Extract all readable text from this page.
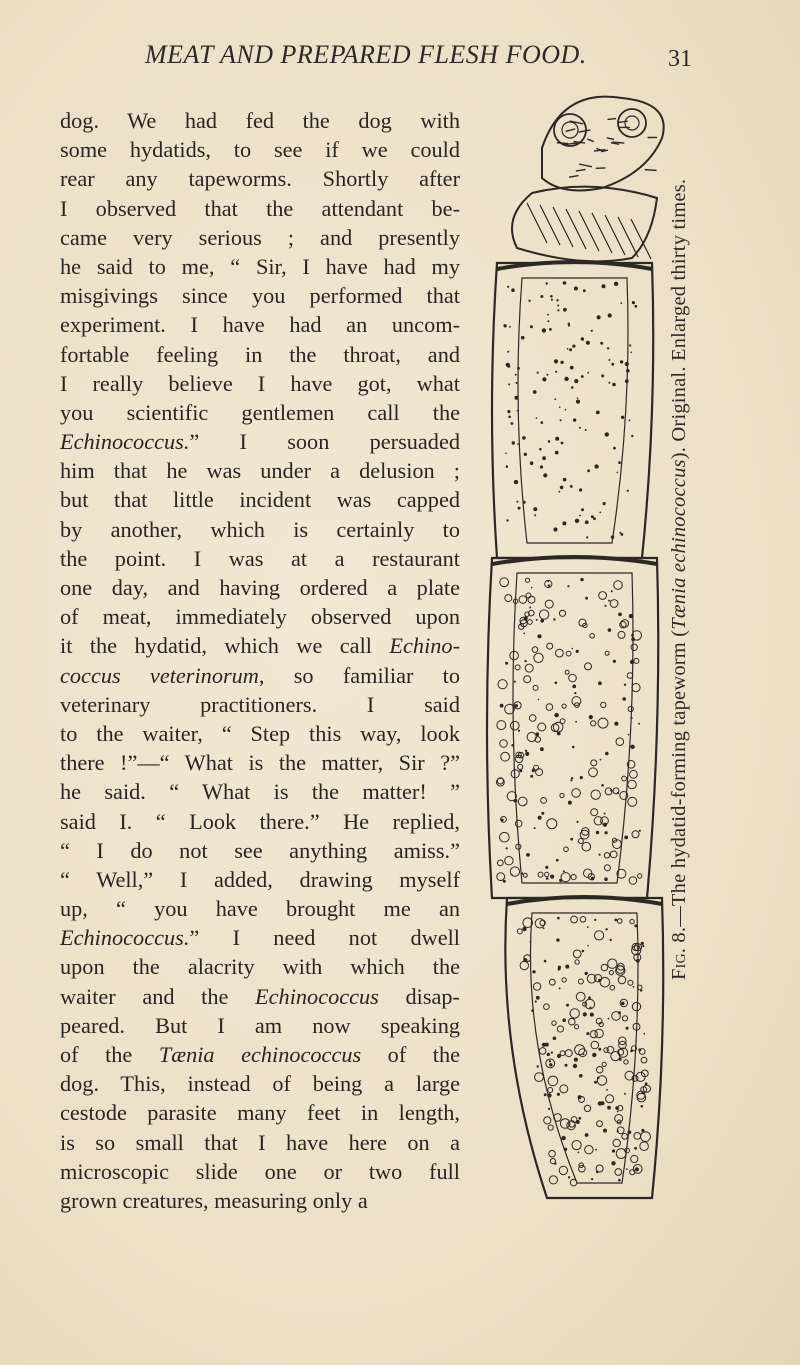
MEAT AND PREPARED FLESH FOOD.	31
dog. We had fed the dog with
some hydatids, to see if we could
rear any tapeworms. Shortly after
I observed that the attendant be-
came very serious ; and presently
he said to me, “ Sir, I have had my
misgivings since you performed that
experiment. I have had an uncom-
fortable feeling in the throat, and
I really believe I have got, what
you scientific gentlemen call the
Echinococcus.” I soon persuaded
him that he was under a delusion ;
but that little incident was capped
by another, which is certainly to
the point. I was at a restaurant
one day, and having ordered a plate
of meat, immediately observed upon
it the hydatid, which we call Echino-
coccus veterinorum, so familiar to
veterinary practitioners. I said
to the waiter, “ Step this way, look
there !”—“ What is the matter, Sir ?”
he said. “ What is the matter! ”
said I. “ Look there.” He replied,
“ I do not see anything amiss.”
“ Well,” I added, drawing myself
up, “ you have brought me an
Echinococcus.” I need not dwell
upon the alacrity with which the
waiter and the Echinococcus disap-
peared. But I am now speaking
of the Tænia echinococcus of the
dog. This, instead of being a large
cestode parasite many feet in length,
is so small that I have here on a
microscopic slide one or two full
grown creatures, measuring only a
Fig. 8.—The hydatid-forming tapeworm (Tænia echinococcus). Original. Enlarged thirty times.
